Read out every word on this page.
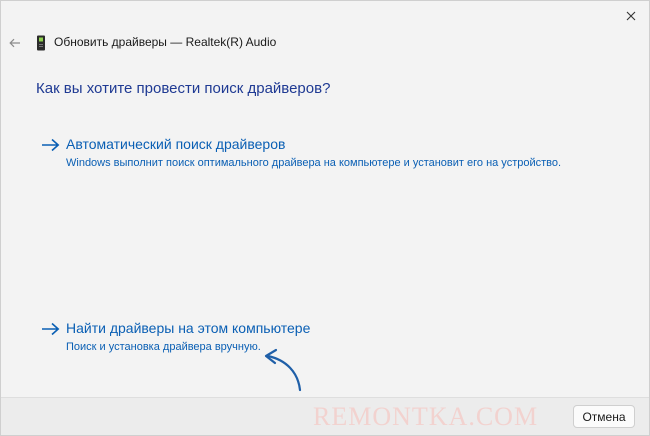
Обновить драйверы — Realtek(R) Audio
Как вы хотите провести поиск драйверов?
Автоматический поиск драйверов
Windows выполнит поиск оптимального драйвера на компьютере и установит его на устройство.
Найти драйверы на этом компьютере
Поиск и установка драйвера вручную.
REMONTKA.COM	Отмена
